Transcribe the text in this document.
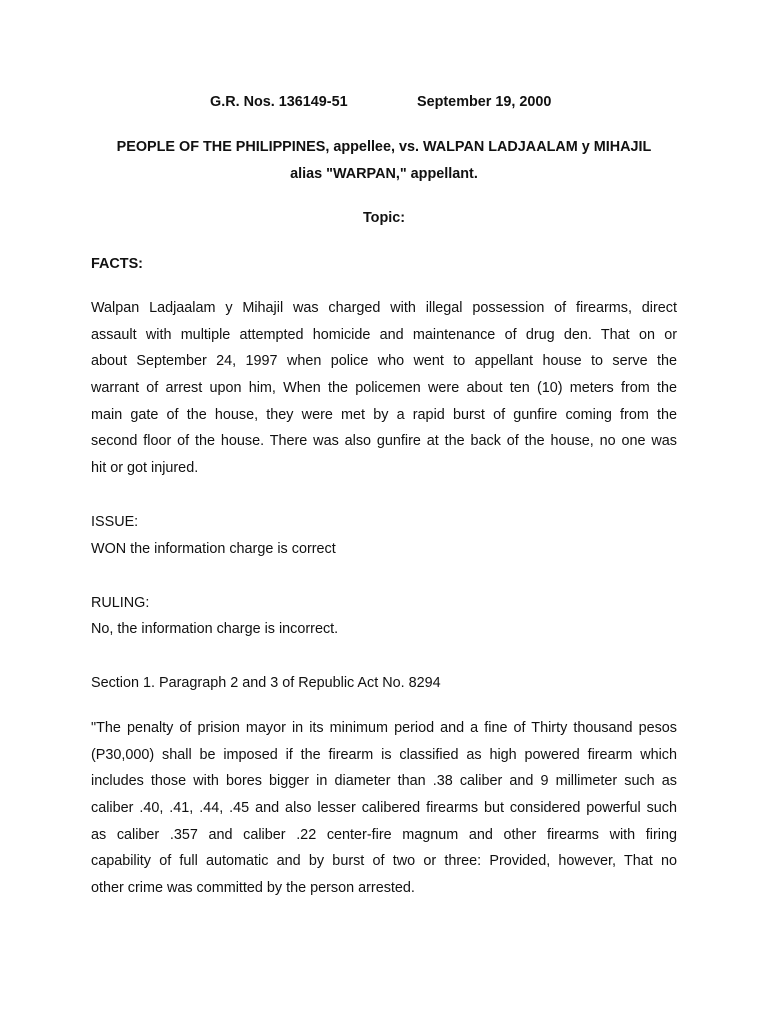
G.R. Nos. 136149-51	September 19, 2000
PEOPLE OF THE PHILIPPINES, appellee, vs. WALPAN LADJAALAM y MIHAJIL
alias "WARPAN," appellant.
Topic:
FACTS:
Walpan Ladjaalam y Mihajil was charged with illegal possession of firearms, direct
assault with multiple attempted homicide and maintenance of drug den. That on or
about September 24, 1997 when police who went to appellant house to serve the
warrant of arrest upon him, When the policemen were about ten (10) meters from the
main gate of the house, they were met by a rapid burst of gunfire coming from the
second floor of the house. There was also gunfire at the back of the house, no one was
hit or got injured.
ISSUE:
WON the information charge is correct
RULING:
No, the information charge is incorrect.
Section 1. Paragraph 2 and 3 of Republic Act No. 8294
"The penalty of prision mayor in its minimum period and a fine of Thirty thousand pesos
(P30,000) shall be imposed if the firearm is classified as high powered firearm which
includes those with bores bigger in diameter than .38 caliber and 9 millimeter such as
caliber .40, .41, .44, .45 and also lesser calibered firearms but considered powerful such
as caliber .357 and caliber .22 center-fire magnum and other firearms with firing
capability of full automatic and by burst of two or three: Provided, however, That no
other crime was committed by the person arrested.
